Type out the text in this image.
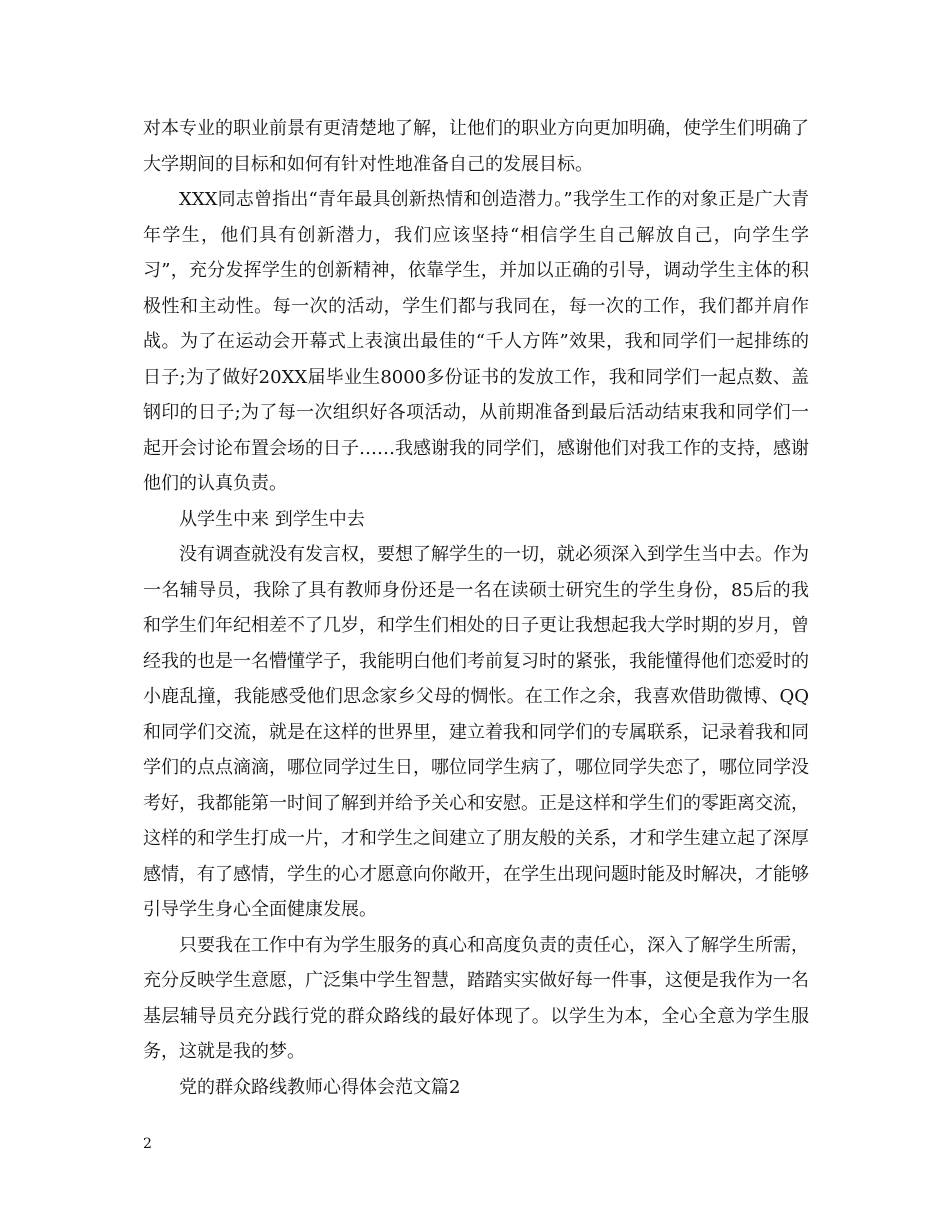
对本专业的职业前景有更清楚地了解，让他们的职业方向更加明确，使学生们明确了大学期间的目标和如何有针对性地准备自己的发展目标。

XXX同志曾指出“青年最具创新热情和创造潜力。”我学生工作的对象正是广大青年学生，他们具有创新潜力，我们应该坚持“相信学生自己解放自己，向学生学习”，充分发挥学生的创新精神，依靠学生，并加以正确的引导，调动学生主体的积极性和主动性。每一次的活动，学生们都与我同在，每一次的工作，我们都并肩作战。为了在运动会开幕式上表演出最佳的“千人方阵”效果，我和同学们一起排练的日子;为了做好20XX届毕业生8000多份证书的发放工作，我和同学们一起点数、盖钢印的日子;为了每一次组织好各项活动，从前期准备到最后活动结束我和同学们一起开会讨论布置会场的日子……我感谢我的同学们，感谢他们对我工作的支持，感谢他们的认真负责。

从学生中来 到学生中去

没有调查就没有发言权，要想了解学生的一切，就必须深入到学生当中去。作为一名辅导员，我除了具有教师身份还是一名在读硕士研究生的学生身份，85后的我和学生们年纪相差不了几岁，和学生们相处的日子更让我想起我大学时期的岁月，曾经我的也是一名懵懂学子，我能明白他们考前复习时的紧张，我能懂得他们恋爱时的小鹿乱撞，我能感受他们思念家乡父母的惆怅。在工作之余，我喜欢借助微博、QQ和同学们交流，就是在这样的世界里，建立着我和同学们的专属联系，记录着我和同学们的点点滴滴，哪位同学过生日，哪位同学生病了，哪位同学失恋了，哪位同学没考好，我都能第一时间了解到并给予关心和安慰。正是这样和学生们的零距离交流，这样的和学生打成一片，才和学生之间建立了朋友般的关系，才和学生建立起了深厚感情，有了感情，学生的心才愿意向你敞开，在学生出现问题时能及时解决，才能够引导学生身心全面健康发展。

只要我在工作中有为学生服务的真心和高度负责的责任心，深入了解学生所需，充分反映学生意愿，广泛集中学生智慧，踏踏实实做好每一件事，这便是我作为一名基层辅导员充分践行党的群众路线的最好体现了。以学生为本，全心全意为学生服务，这就是我的梦。

党的群众路线教师心得体会范文篇2

2
